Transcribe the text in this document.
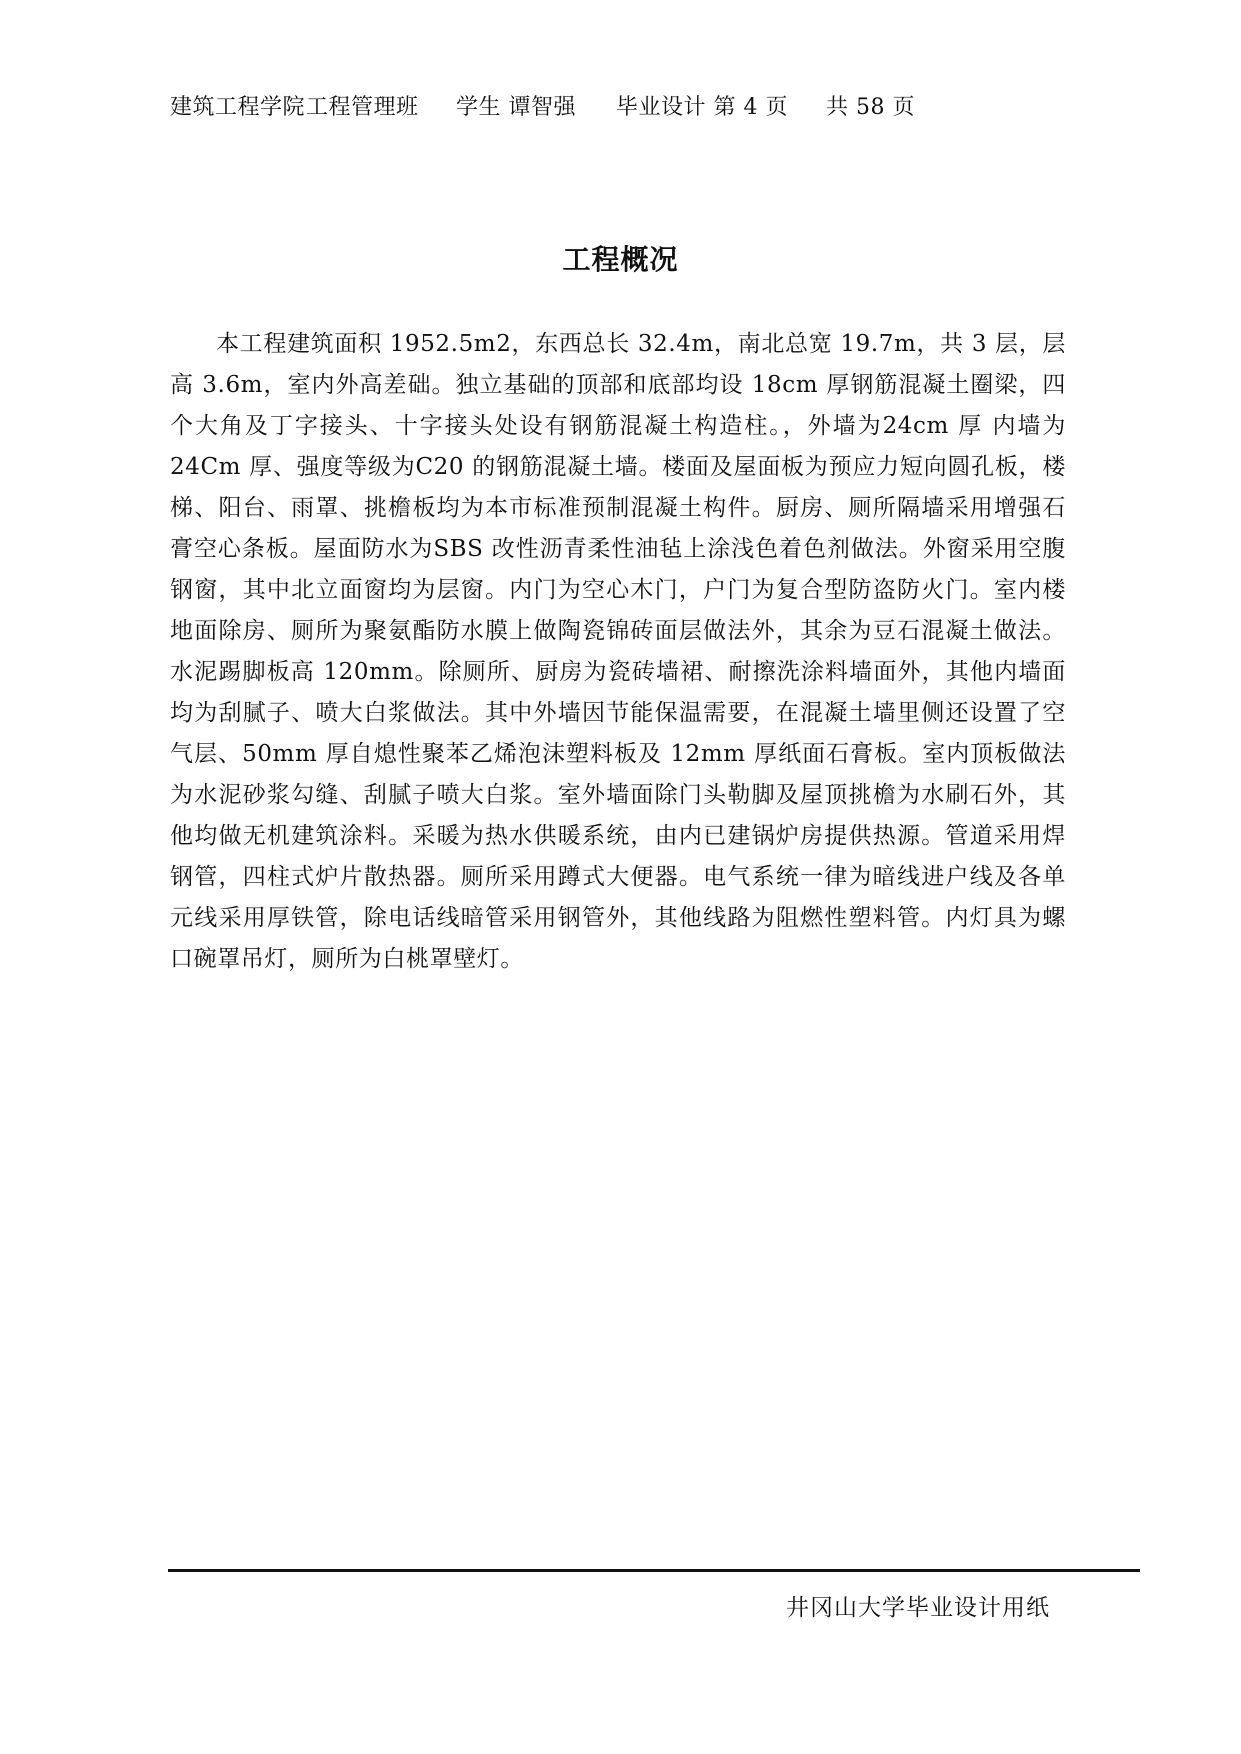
建筑工程学院 工程管理班 学生 谭智强 毕业设计 第 4 页 共 58 页
工程概况

本工程建筑面积 1952.5m2，东西总长 32.4m，南北总宽 19.7m，共 3 层，层高 3.6m，室内外高差础。独立基础的顶部和底部均设 18cm 厚钢筋混凝土圈梁，四个大角及丁字接头、十字接头处设有钢筋混凝土构造柱。，外墙为24cm 厚 内墙为24Cm 厚、强度等级为C20 的钢筋混凝土墙。楼面及屋面板为预应力短向圆孔板，楼梯、阳台、雨罩、挑檐板均为本市标准预制混凝土构件。厨房、厕所隔墙采用增强石膏空心条板。屋面防水为SBS 改性沥青柔性油毡上涂浅色着色剂做法。外窗采用空腹钢窗，其中北立面窗均为层窗。内门为空心木门，户门为复合型防盗防火门。室内楼地面除房、厕所为聚氨酯防水膜上做陶瓷锦砖面层做法外，其余为豆石混凝土做法。水泥踢脚板高 120mm。除厕所、厨房为瓷砖墙裙、耐擦洗涂料墙面外，其他内墙面均为刮腻子、喷大白浆做法。其中外墙因节能保温需要，在混凝土墙里侧还设置了空气层、50mm 厚自熄性聚苯乙烯泡沫塑料板及 12mm 厚纸面石膏板。室内顶板做法为水泥砂浆勾缝、刮腻子喷大白浆。室外墙面除门头勒脚及屋顶挑檐为水刷石外，其他均做无机建筑涂料。采暖为热水供暖系统，由内已建锅炉房提供热源。管道采用焊钢管，四柱式炉片散热器。厕所采用蹲式大便器。电气系统一律为暗线进户线及各单元线采用厚铁管，除电话线暗管采用钢管外，其他线路为阻燃性塑料管。内灯具为螺口碗罩吊灯，厕所为白桃罩壁灯。

井冈山大学毕业设计用纸
